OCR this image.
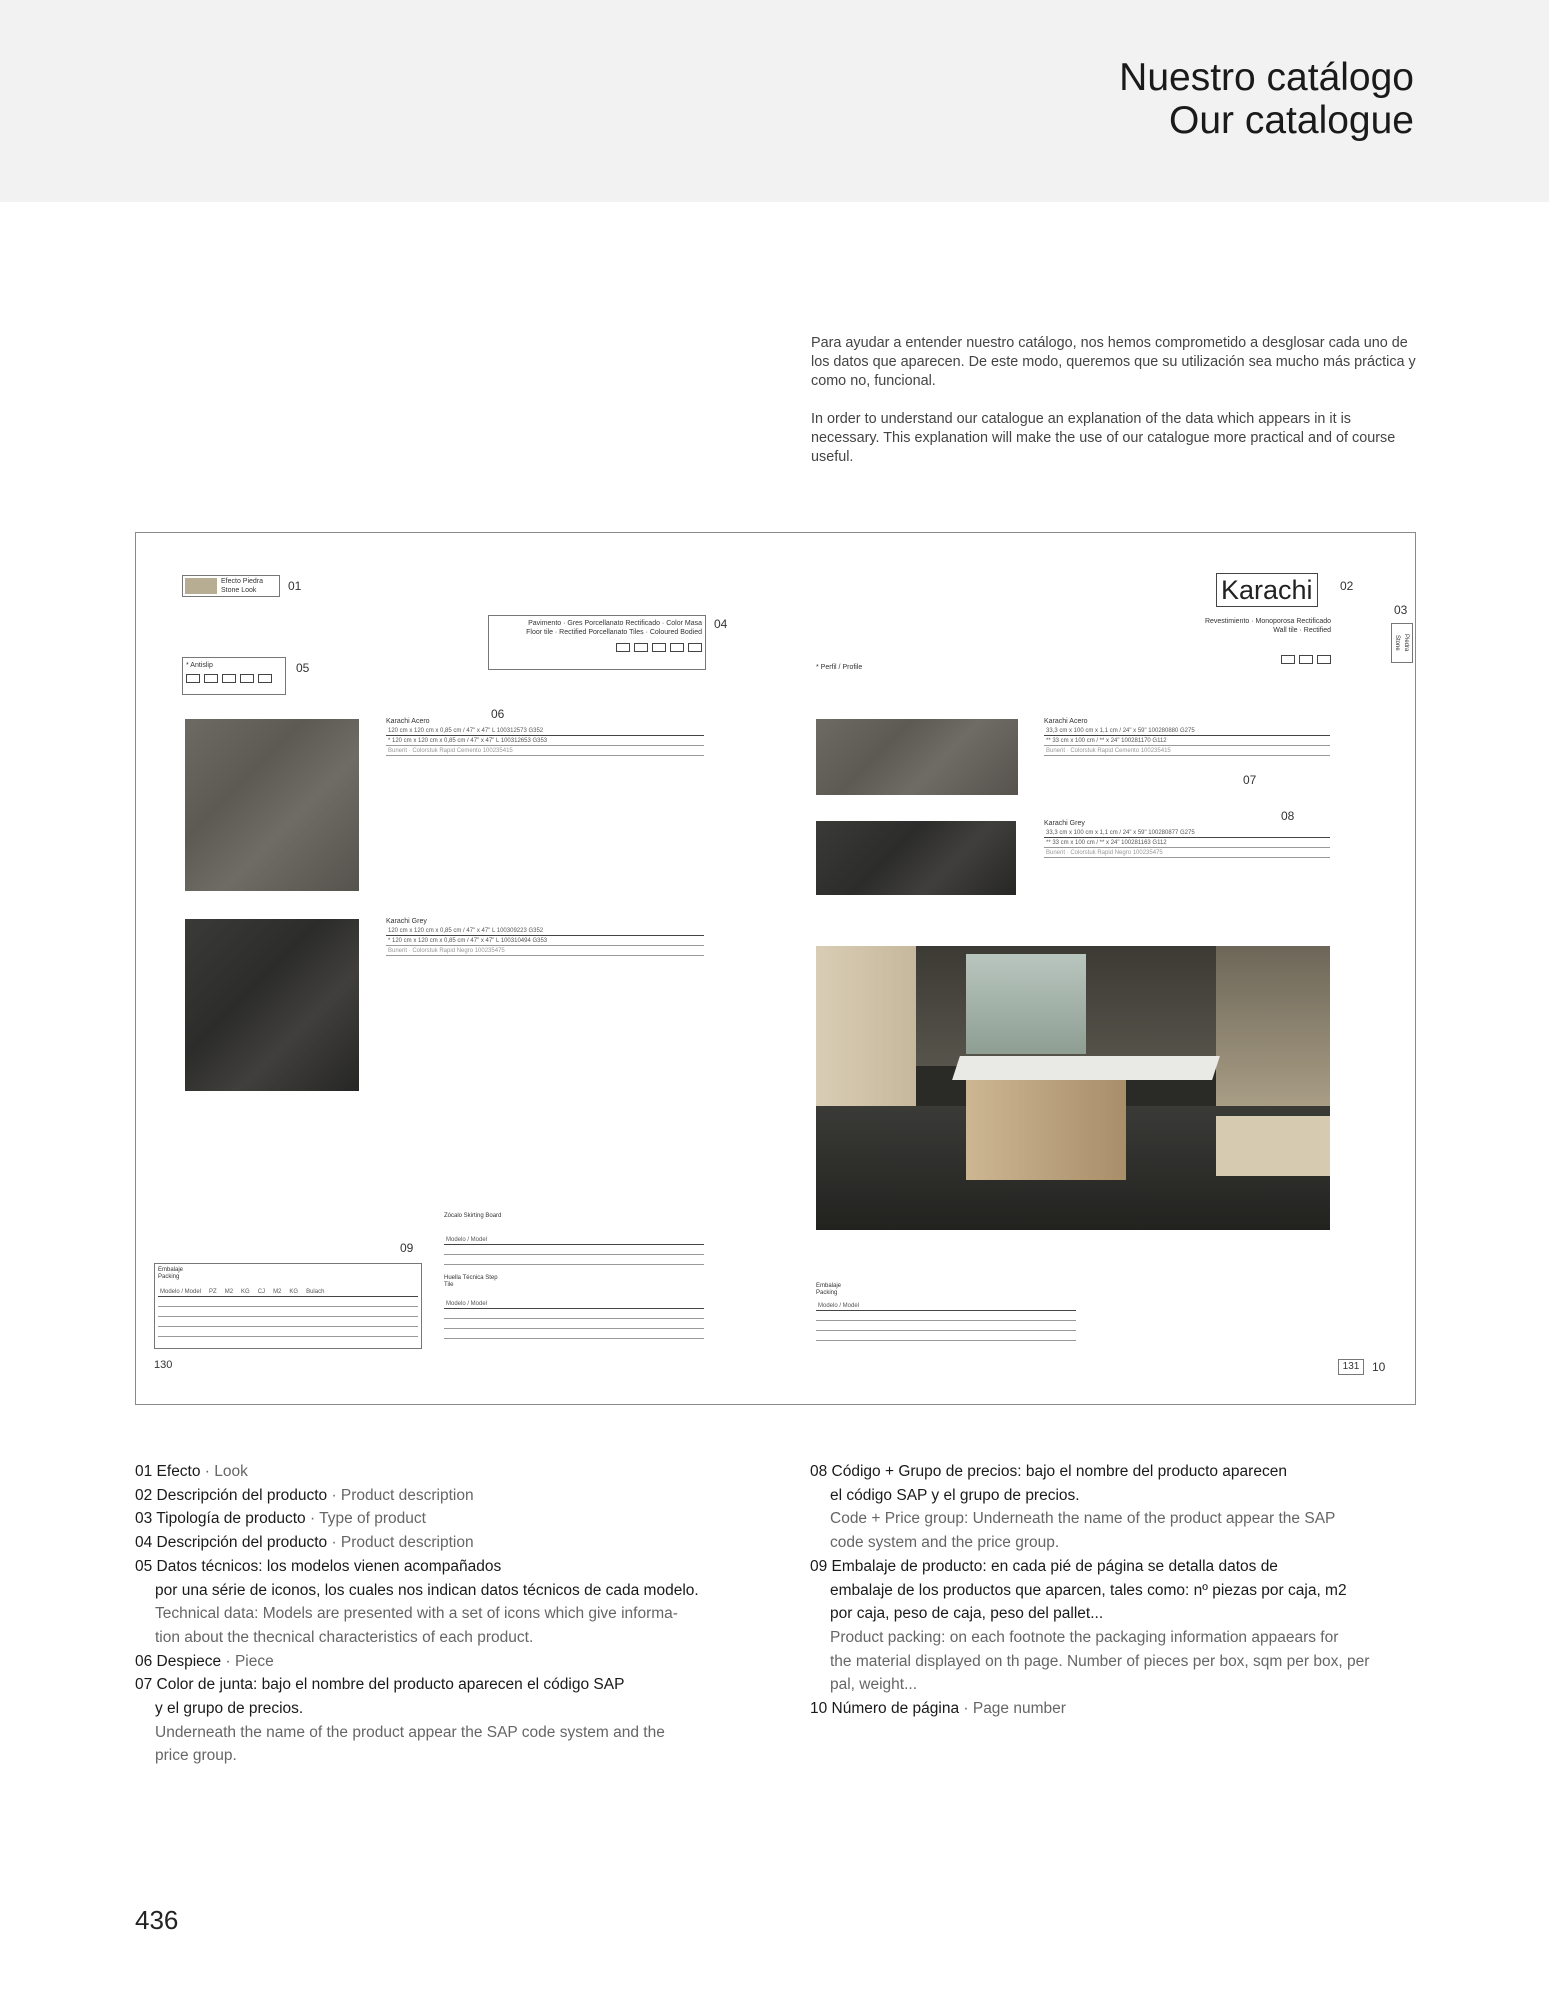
Nuestro catálogo
Our catalogue

Para ayudar a entender nuestro catálogo, nos hemos comprometido a desglosar cada uno de los datos que aparecen. De este modo, queremos que su utilización sea mucho más práctica y como no, funcional.

In order to understand our catalogue an explanation of the data which appears in it is necessary. This explanation will make the use of our catalogue more practical and of course useful.

Efecto Piedra
Stone Look	01
Pavimento · Gres Porcellanato Rectificado · Color Masa
Floor tile · Rectified Porcellanato Tiles · Coloured Bodied
04
* Antislip	05
06
Karachi Acero
120 cm x 120 cm x 0,85 cm / 47" x 47" L 100312573 G352
* 120 cm x 120 cm x 0,85 cm / 47" x 47" L 100312653 G353
Bunerit · Colorstuk Rapid Cemento 100235415
Karachi Grey
120 cm x 120 cm x 0,85 cm / 47" x 47" L 100309223 G352
* 120 cm x 120 cm x 0,85 cm / 47" x 47" L 100310494 G353
Bunerit · Colorstuk Rapid Negro 100235475
Karachi	02
Revestimiento · Monoporosa Rectificado
Wall tile · Rectified
03
Piedra Stone
* Perfil / Profile
Karachi Acero
33,3 cm x 100 cm x 1,1 cm / 24" x 59" 100280880 G275
** 33 cm x 100 cm / ** x 24" 100281170 G112
Bunerit · Colorstuk Rapid Cemento 100235415
07
08
Karachi Grey
33,3 cm x 100 cm x 1,1 cm / 24" x 59" 100280877 G275
** 33 cm x 100 cm / ** x 24" 100281163 G112
Bunerit · Colorstuk Rapid Negro 100235475
09
Zócalo Skirting Board
Modelo / Model
Huella Técnica Step Tile
Modelo / Model
Embalaje Packing
Modelo / Model PZ M2 KG CJ M2 KG Bulach
Embalaje Packing
Modelo / Model
130	131	10
01 Efecto · Look
02 Descripción del producto · Product description
03 Tipología de producto · Type of product
04 Descripción del producto · Product description
05 Datos técnicos: los modelos vienen acompañados
por una série de iconos, los cuales nos indican datos técnicos de cada modelo.
Technical data: Models are presented with a set of icons which give informa-
tion about the thecnical characteristics of each product.
06 Despiece · Piece
07 Color de junta: bajo el nombre del producto aparecen el código SAP
y el grupo de precios.
Underneath the name of the product appear the SAP code system and the
price group.
08 Código + Grupo de precios: bajo el nombre del producto aparecen
el código SAP y el grupo de precios.
Code + Price group: Underneath the name of the product appear the SAP
code system and the price group.
09 Embalaje de producto: en cada pié de página se detalla datos de
embalaje de los productos que aparcen, tales como: nº piezas por caja, m2
por caja, peso de caja, peso del pallet...
Product packing: on each footnote the packaging information appaears for
the material displayed on th page. Number of pieces per box, sqm per box, per
pal, weight...
10 Número de página · Page number
436
